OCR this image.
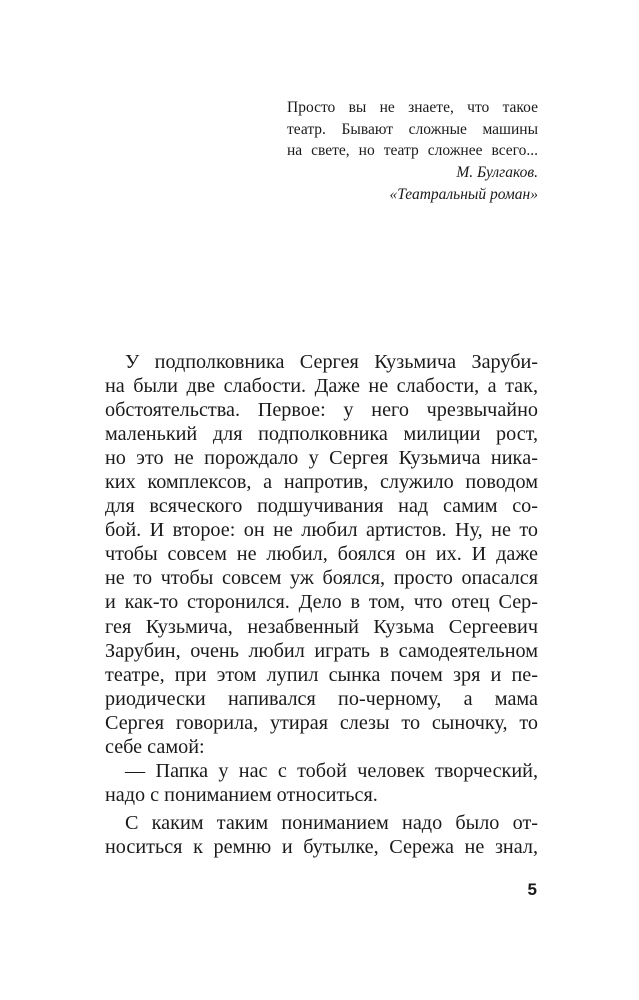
Просто вы не знаете, что такое
театр. Бывают сложные машины
на свете, но театр сложнее всего...
М. Булгаков.
«Театральный роман»
У подполковника Сергея Кузьмича Заруби-
на были две слабости. Даже не слабости, а так,
обстоятельства. Первое: у него чрезвычайно
маленький для подполковника милиции рост,
но это не порождало у Сергея Кузьмича никa-
ких комплексов, а напротив, служило поводом
для всяческого подшучивания над самим со-
бой. И второе: он не любил артистов. Ну, не то
чтобы совсем не любил, боялся он их. И даже
не то чтобы совсем уж боялся, просто опасался
и как-то сторонился. Дело в том, что отец Сер-
гея Кузьмича, незабвенный Кузьма Сергеевич
Зарубин, очень любил играть в самодеятельном
театре, при этом лупил сынка почем зря и пе-
риодически напивался по-черному, а мама
Сергея говорила, утирая слезы то сыночку, то
себе самой:
— Папка у нас с тобой человек творческий,
надо с пониманием относиться.
С каким таким пониманием надо было от-
носиться к ремню и бутылке, Сережа не знал,
5
